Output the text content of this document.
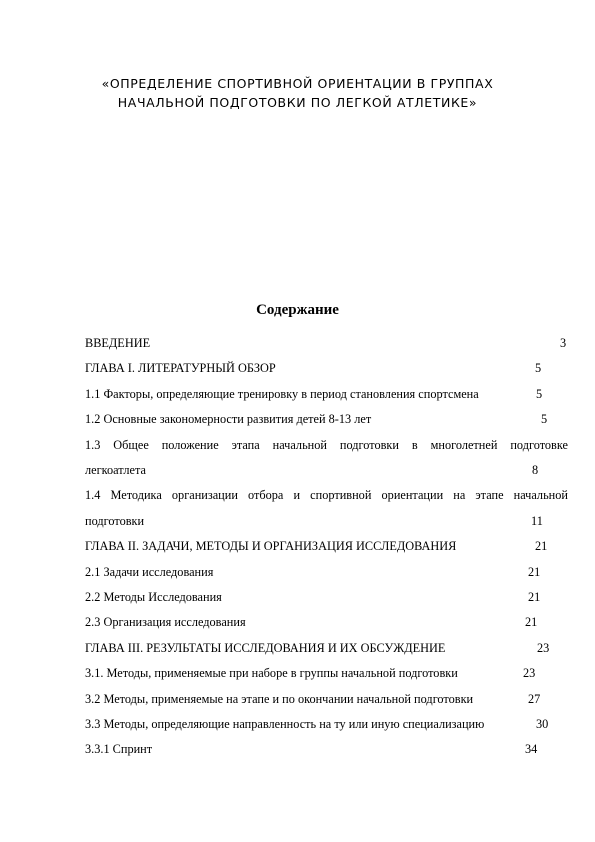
«ОПРЕДЕЛЕНИЕ СПОРТИВНОЙ ОРИЕНТАЦИИ В ГРУППАХ
НАЧАЛЬНОЙ ПОДГОТОВКИ ПО ЛЕГКОЙ АТЛЕТИКЕ»
Содержание
ВВЕДЕНИЕ	3
ГЛАВА I. ЛИТЕРАТУРНЫЙ ОБЗОР	5
1.1 Факторы, определяющие тренировку в период становления спортсмена	5
1.2 Основные закономерности развития детей 8-13 лет	5
1.3 Общее положение этапа начальной подготовки в многолетней подготовке
легкоатлета	8
1.4 Методика организации отбора и спортивной ориентации на этапе начальной
подготовки	11
ГЛАВА II. ЗАДАЧИ, МЕТОДЫ И ОРГАНИЗАЦИЯ ИССЛЕДОВАНИЯ	21
2.1 Задачи исследования	21
2.2 Методы Исследования	21
2.3 Организация исследования	21
ГЛАВА III. РЕЗУЛЬТАТЫ ИССЛЕДОВАНИЯ И ИХ ОБСУЖДЕНИЕ	23
3.1. Методы, применяемые при наборе в группы начальной подготовки	23
3.2 Методы, применяемые на этапе и по окончании начальной подготовки	27
3.3 Методы, определяющие направленность на ту или иную специализацию	30
3.3.1 Спринт	34
